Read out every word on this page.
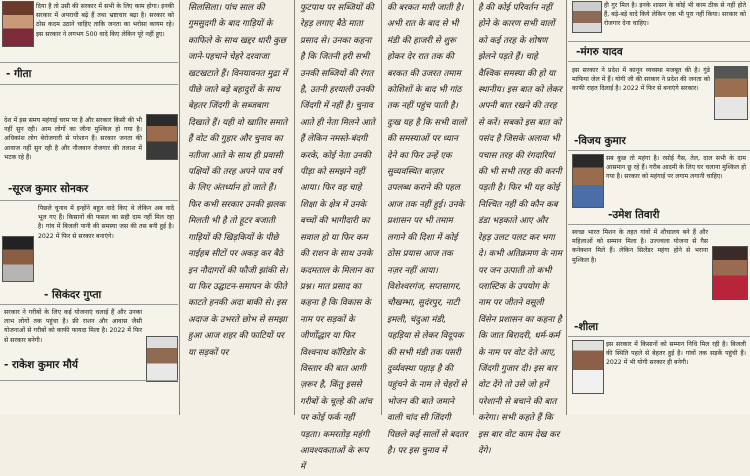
दिया है तो उसी की सरकार में सभी के लिए काम होगा। इनकी सरकार में अपराधी बढ़े हैं तथा भ्रष्टाचार बढ़ा है। सरकार को ठोस कदम उठाने चाहिए ताकि जनता का भरोसा कायम रहे। इस सरकार ने लगभग 500 वादे किए लेकिन पूरे नहीं हुए।

- गीता

देश में इस समय महंगाई चरम पर है और सरकार किसी की भी नहीं सुन रही। आम लोगों का जीना मुश्किल हो गया है। अधिकांश लोग बेरोजगारी से परेशान हैं। सरकार जनता की आवाज नहीं सुन रही है और नौजवान रोजगार की तलाश में भटक रहे हैं।

-सूरज कुमार सोनकर

पिछले चुनाव में इन्होंने बहुत वादे किए थे लेकिन अब वादे भूल गए हैं। किसानों की फसल का सही दाम नहीं मिल रहा है। गांव में बिजली पानी की समस्या जस की तस बनी हुई है। 2022 में फिर से सरकार बनाएंगे।

- सिकंदर गुप्ता

सरकार ने गरीबों के लिए कई योजनाएं चलाई हैं और उनका लाभ लोगों तक पहुंचा है। फ्री राशन और आवास जैसी योजनाओं से गरीबों को काफी फायदा मिला है। 2022 में फिर से सरकार बनेगी।

- राकेश कुमार मौर्य

सिलसिला। पांच साल की गुमसुदगी के बाद गाड़ियों के काफिले के साथ खद्दर धारी कुछ जाने-पहचाने चेहरे दरवाजा खटखटाते हैं। विनयावनत मुद्रा में पीछे जाते बड़े बहादुरों के साथ बेहतर जिंदगी के सब्जबाग दिखाते हैं। यही वो खातिर समाते हैं वोट की गुहार और चुनाव का नतीजा आते के साथ ही प्रवासी पक्षियों की तरह अपने पाव वर्ष के लिए अंतर्ध्यान हो जाते हैं। फिर कभी सरकार उनकी झलक मिलती भी है तो हूटर बजाती गाड़ियों की खिड़कियों के पीछे नाईहब सीटों पर अकड़ कर बैठे इन नौदागरों की फौजी झांकी से। या फिर उद्घाटन-समापन के फीते काटते हनकी अदा बाकी से। इस अदाज के उभरते छोभ से समझा हुआ आज शहर की फाटियों पर या सड़कों पर

फुटपाथ पर सब्जियों की रेहड़ लगाए बैठे माता प्रसाद से। उनका कहना है कि जितनी हरी सभी उनकी सब्जियों की रंगत है, उतनी हरयाली उनकी जिंदगी में नहीं है। चुनाव आते ही नेता मिलने आते हैं लेकिन नमस्ते-बंदगी करके, कोई नेता उनकी पीड़ा को समझने नहीं आया। फिर वह चाहे शिक्षा के क्षेत्र में उनके बच्चों की भागीदारी का सवाल हो या फिर कम की राशन के साथ उनके कदमताल के मिलान का प्रश्न। मात प्रसाद का कहना है कि विकास के नाम पर सड़कों के जीर्णोद्धार या फिर विश्वनाथ कॉरिडोर के विस्तार की बात आगी ज़रूर है, किंतु इससे गरीबों के चूल्हे की आंच पर कोई फर्क नहीं पड़ता। कमरतोड़ महंगी आवश्यकताओं के रूप में

की बरकत मारी जाती है। अभी रात के बाद से भी मंडी की हाजरी से शुरू होकर देर रात तक की बरकत की उजरत तमाम कोशिशों के बाद भी गांठ तक नहीं पहुंच पाती है। दुःख यह है कि सभी वालों की समस्याओं पर ध्यान देने का फिर उन्हें एक सुव्यवस्थित बाज़ार उपलब्ध कराने की पहल आज तक नहीं हुई। उनके प्रशासन पर भी तमाम लगाने की दिशा में कोई ठोस प्रयास आज तक नज़र नहीं आया। विशेश्वरगंज, सप्तसागर, चौखम्भा, सुदंरपुर, नाटी इमली, चंदुआ मंडी, पहड़िया से लेकर विदूपक की सभी मंडी तक पसरी दुर्व्यवस्था पहाड़ है की पहुंचने के नाम ले चेहरों से भोजन की बाते जमाने वाली चांद सी जिंदगी पिछले कई सालों से बदतर है। पर इस चुनाव में

है की कोई परिवर्तन नहीं होने के कारण सभी वालों को कई तरह के शोषण झेलने पड़ते हैं। चाहे वैश्विक समस्या की हो या स्थानीय। इस बात को लेकर अपनी बात रखने की तरह से करें। सबको इस बात को पसंद है जिसके अलावा भी पचास तरह की रंगदारियां की भी सभी तरह की करनी पड़ती है। फिर भी यह कोई निश्चित नहीं की कौन कब डंडा भड़काते आए और रेहड़ उलट पलट कर भगा दे। कभी अतिक्रमण के नाम पर जन उत्पाती तो कभी प्लास्टिक के उपयोग के नाम पर जीतने वसूली विंसेन प्रशासन का कहना है कि जात बिरादरी, धर्म-कर्म के नाम पर वोट देते आए, जिंदगी गुजार दी। इस बार वोट देंगे तो उसे जो हमें परेशानी से बचाने की बात करेगा। सभी कहते हैं कि इस बार वोट काम देख कर देंगे।

ही गुर मिल है। इनके शासन के कोई भी काम ठीक से नहीं होते हैं, बड़े-बड़े वादे किये लेकिन एक भी पूरा नहीं किया। सरकार को रोजगार देना चाहिए।

-मंगरु यादव

इस सरकार ने प्रदेश में कानून व्यवस्था मजबूत की है। गुंडे माफिया जेल में हैं। योगी जी की सरकार ने प्रदेश की जनता को काफी राहत दिलाई है। 2022 में फिर से बनाएंगे सरकार।

-विजय कुमार

सब कुछ तो महंगा है। रसोई गैस, तेल, दाल सभी के दाम आसमान छू रहे हैं। गरीब आदमी के लिए घर चलाना मुश्किल हो गया है। सरकार को महंगाई पर लगाम लगानी चाहिए।

-उमेश तिवारी

स्वच्छ भारत मिशन के तहत गांवों में शौचालय बने हैं और महिलाओं को सम्मान मिला है। उज्ज्वला योजना से गैस कनेक्शन मिले हैं। लेकिन सिलेंडर महंगा होने से भराना मुश्किल है।

-शीला

इस सरकार में किसानों को सम्मान निधि मिल रही है। बिजली की स्थिति पहले से बेहतर हुई है। गांवों तक सड़कें पहुंची हैं। 2022 में भी योगी सरकार ही बनेगी।
